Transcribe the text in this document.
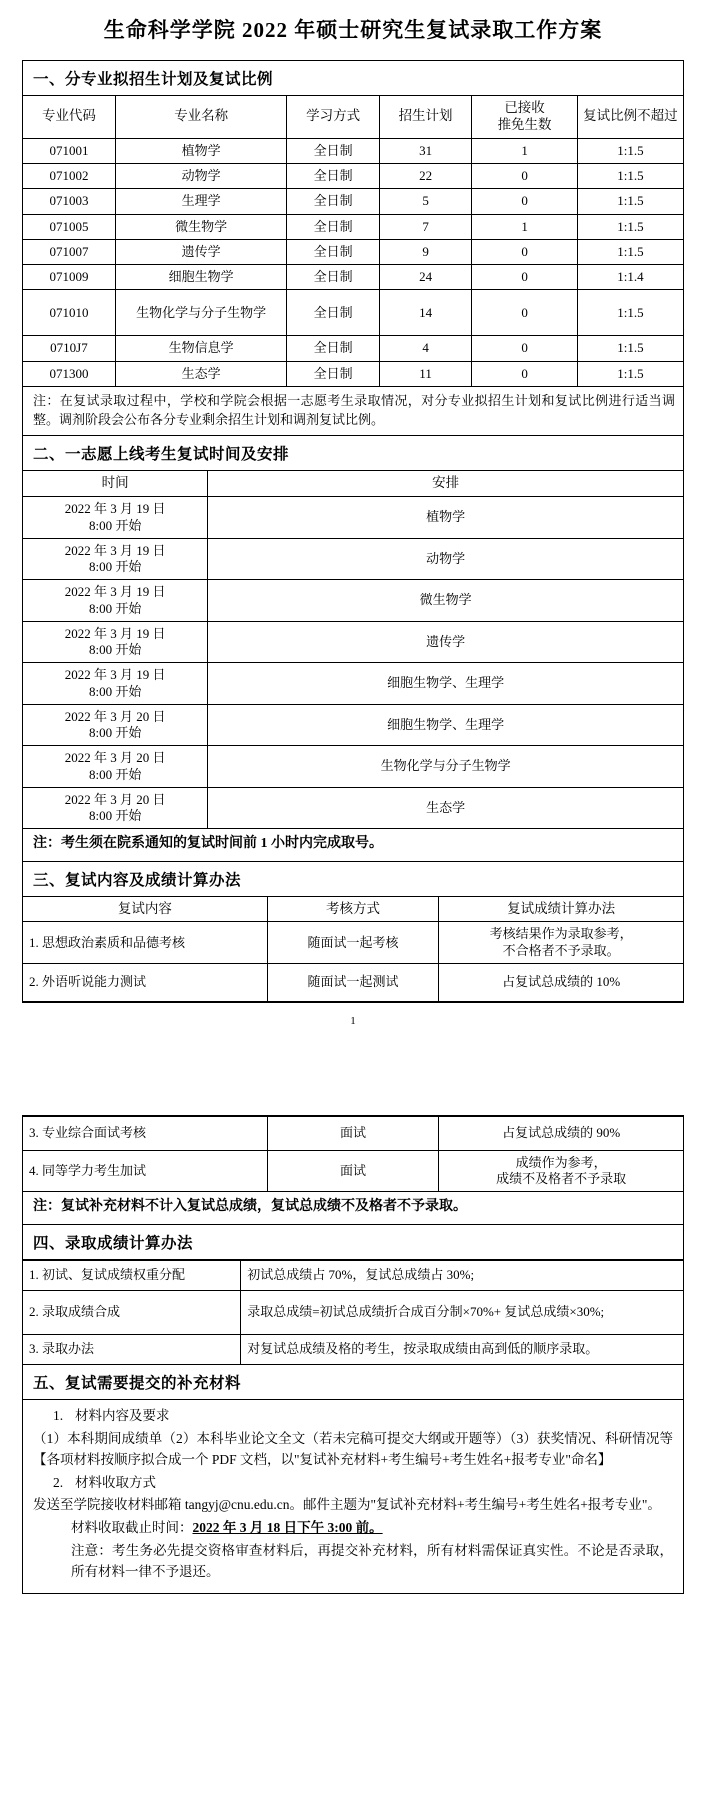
生命科学学院 2022 年硕士研究生复试录取工作方案
一、分专业拟招生计划及复试比例
专业代码	专业名称	学习方式	招生计划	已接收
推免生数	复试比例不超过
071001	植物学	全日制	31	1	1:1.5
071002	动物学	全日制	22	0	1:1.5
071003	生理学	全日制	5	0	1:1.5
071005	微生物学	全日制	7	1	1:1.5
071007	遗传学	全日制	9	0	1:1.5
071009	细胞生物学	全日制	24	0	1:1.4
071010	生物化学与分子生物学	全日制	14	0	1:1.5
0710J7	生物信息学	全日制	4	0	1:1.5
071300	生态学	全日制	11	0	1:1.5
注：在复试录取过程中，学校和学院会根据一志愿考生录取情况，对分专业拟招生计划和复试比例进行适当调整。调剂阶段会公布各分专业剩余招生计划和调剂复试比例。
二、一志愿上线考生复试时间及安排
时间	安排

2022 年 3 月 19 日
8:00 开始	植物学

2022 年 3 月 19 日
8:00 开始	动物学

2022 年 3 月 19 日
8:00 开始	微生物学

2022 年 3 月 19 日
8:00 开始	遗传学

2022 年 3 月 19 日
8:00 开始	细胞生物学、生理学

2022 年 3 月 20 日
8:00 开始	细胞生物学、生理学

2022 年 3 月 20 日
8:00 开始	生物化学与分子生物学

2022 年 3 月 20 日
8:00 开始	生态学
注：考生须在院系通知的复试时间前 1 小时内完成取号。
三、复试内容及成绩计算办法
复试内容	考核方式	复试成绩计算办法
1. 思想政治素质和品德考核	随面试一起考核	考核结果作为录取参考，
不合格者不予录取。

2. 外语听说能力测试	随面试一起测试	占复试总成绩的 10%
1
3. 专业综合面试考核	面试	占复试总成绩的 90%
4. 同等学力考生加试	面试	成绩作为参考，
成绩不及格者不予录取
注：复试补充材料不计入复试总成绩，复试总成绩不及格者不予录取。
四、录取成绩计算办法
1. 初试、复试成绩权重分配	初试总成绩占 70%，复试总成绩占 30%;
2. 录取成绩合成	录取总成绩=初试总成绩折合成百分制×70%+ 复试总成绩×30%;
3. 录取办法	对复试总成绩及格的考生，按录取成绩由高到低的顺序录取。
五、复试需要提交的补充材料

1. 材料内容及要求

（1）本科期间成绩单（2）本科毕业论文全文（若未完稿可提交大纲或开题等）（3）获奖情况、科研情况等【各项材料按顺序拟合成一个 PDF 文档，以"复试补充材料+考生编号+考生姓名+报考专业"命名】

2. 材料收取方式

发送至学院接收材料邮箱 tangyj@cnu.edu.cn。邮件主题为"复试补充材料+考生编号+考生姓名+报考专业"。

材料收取截止时间：2022 年 3 月 18 日下午 3:00 前。

注意：考生务必先提交资格审查材料后，再提交补充材料，所有材料需保证真实性。不论是否录取，所有材料一律不予退还。
